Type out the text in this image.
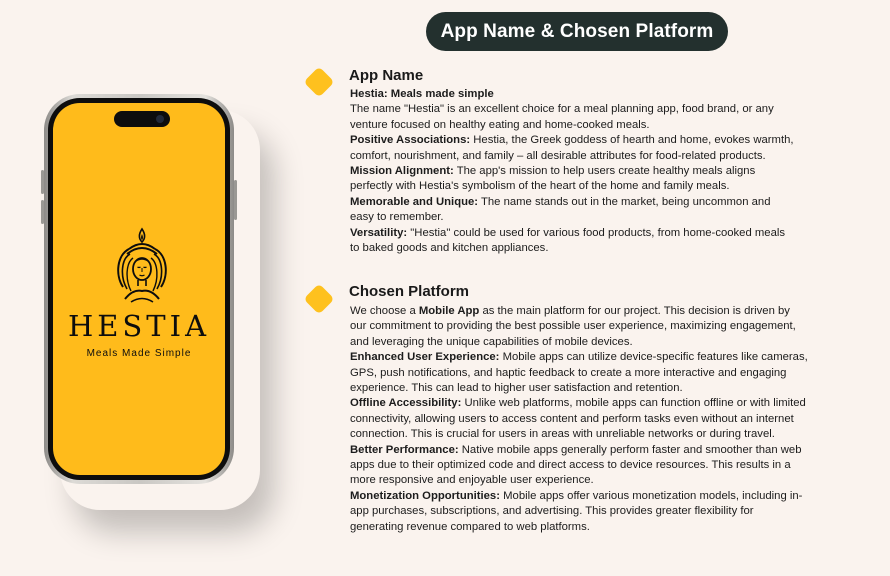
App Name & Chosen Platform
HESTIA
Meals Made Simple
App Name
Hestia: Meals made simple
The name "Hestia" is an excellent choice for a meal planning app, food brand, or any
venture focused on healthy eating and home-cooked meals.
Positive Associations: Hestia, the Greek goddess of hearth and home, evokes warmth,
comfort, nourishment, and family – all desirable attributes for food-related products.
Mission Alignment: The app's mission to help users create healthy meals aligns
perfectly with Hestia's symbolism of the heart of the home and family meals.
Memorable and Unique: The name stands out in the market, being uncommon and
easy to remember.
Versatility: "Hestia" could be used for various food products, from home-cooked meals
to baked goods and kitchen appliances.
Chosen Platform
We choose a Mobile App as the main platform for our project. This decision is driven by
our commitment to providing the best possible user experience, maximizing engagement,
and leveraging the unique capabilities of mobile devices.
Enhanced User Experience: Mobile apps can utilize device-specific features like cameras,
GPS, push notifications, and haptic feedback to create a more interactive and engaging
experience. This can lead to higher user satisfaction and retention.
Offline Accessibility: Unlike web platforms, mobile apps can function offline or with limited
connectivity, allowing users to access content and perform tasks even without an internet
connection. This is crucial for users in areas with unreliable networks or during travel.
Better Performance: Native mobile apps generally perform faster and smoother than web
apps due to their optimized code and direct access to device resources. This results in a
more responsive and enjoyable user experience.
Monetization Opportunities: Mobile apps offer various monetization models, including in-
app purchases, subscriptions, and advertising. This provides greater flexibility for
generating revenue compared to web platforms.
